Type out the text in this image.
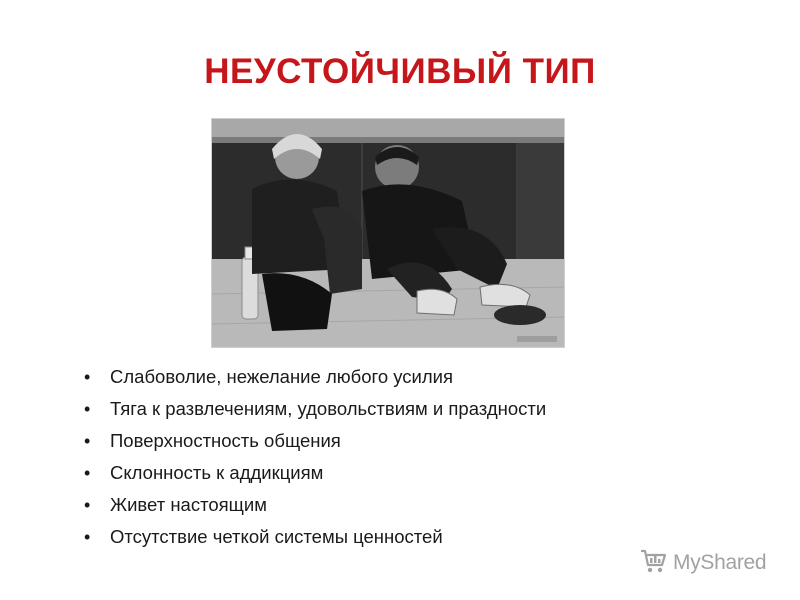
НЕУСТОЙЧИВЫЙ ТИП
•	Слабоволие, нежелание любого усилия
•	Тяга к развлечениям, удовольствиям и праздности
•	Поверхностность общения
•	Склонность к аддикциям
•	Живет настоящим
•	Отсутствие четкой системы ценностей
MyShared
